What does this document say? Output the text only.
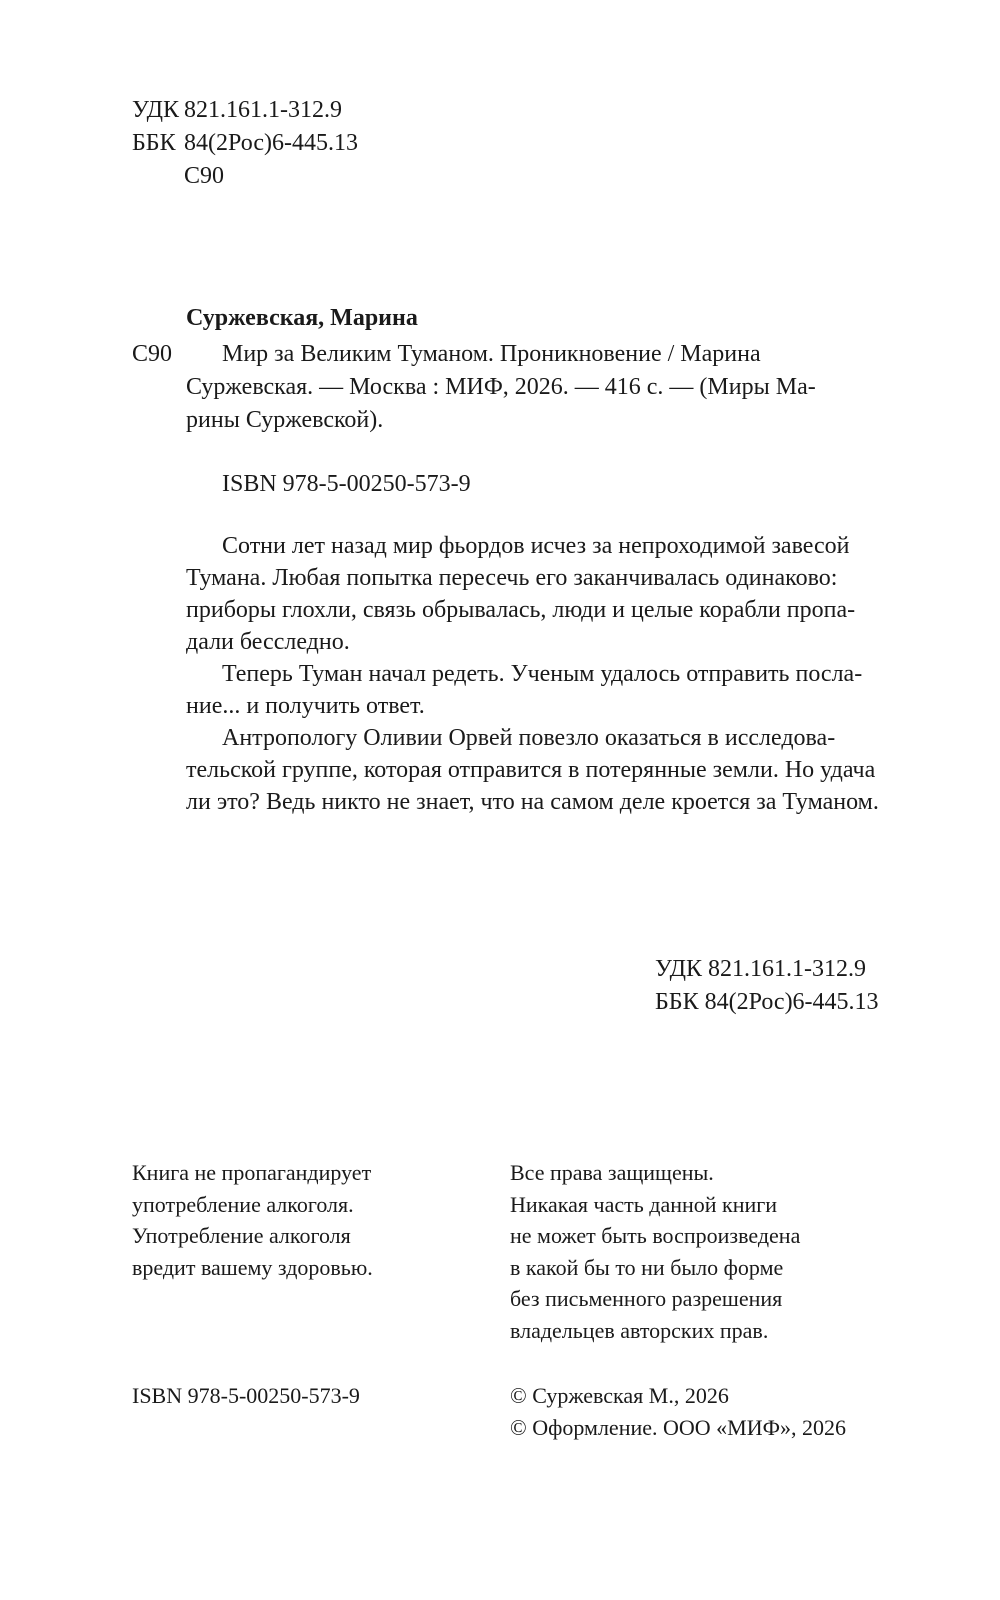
УДК 821.161.1-312.9
ББК 84(2Рос)6-445.13
С90
Суржевская, Марина
С90	Мир за Великим Туманом. Проникновение / Марина
Суржевская. — Москва : МИФ, 2026. — 416 с. — (Миры Ма-
рины Суржевской).
ISBN 978-5-00250-573-9
Сотни лет назад мир фьордов исчез за непроходимой завесой
Тумана. Любая попытка пересечь его заканчивалась одинаково:
приборы глохли, связь обрывалась, люди и целые корабли пропа-
дали бесследно.
Теперь Туман начал редеть. Ученым удалось отправить посла-
ние... и получить ответ.
Антропологу Оливии Орвей повезло оказаться в исследова-
тельской группе, которая отправится в потерянные земли. Но удача
ли это? Ведь никто не знает, что на самом деле кроется за Туманом.
УДК 821.161.1-312.9
ББК 84(2Рос)6-445.13
Книга не пропагандирует
употребление алкоголя.
Употребление алкоголя
вредит вашему здоровью.
Все права защищены.
Никакая часть данной книги
не может быть воспроизведена
в какой бы то ни было форме
без письменного разрешения
владельцев авторских прав.
ISBN 978-5-00250-573-9	© Суржевская М., 2026
© Оформление. ООО «МИФ», 2026
